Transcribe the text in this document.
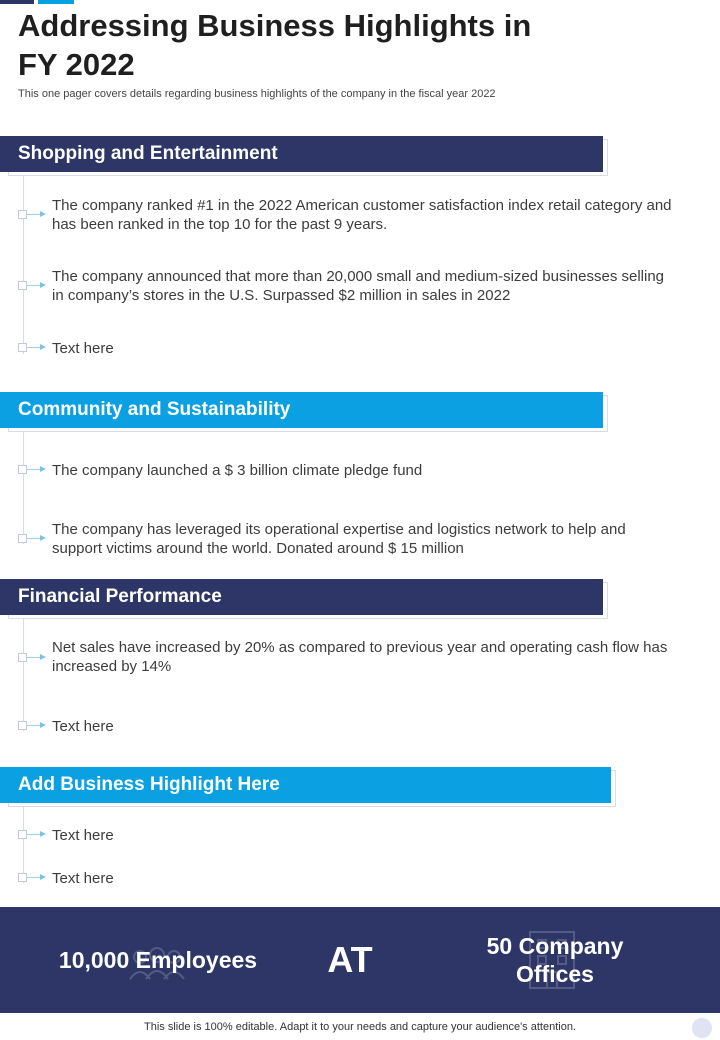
Addressing Business Highlights in FY 2022
This one pager covers details regarding business highlights of the company in the fiscal year 2022
Shopping and Entertainment
The company ranked #1 in the 2022 American customer satisfaction index retail category and has been ranked in the top 10 for the past 9 years.
The company announced that more than 20,000 small and medium-sized businesses selling in company’s stores in the U.S. Surpassed $2 million in sales in 2022
Text here
Community and Sustainability
The company launched a $ 3 billion climate pledge fund
The company has leveraged its operational expertise and logistics network to help and support victims around the world. Donated around $ 15 million
Financial Performance
Net sales have increased by 20% as compared to previous year and operating cash flow has increased by 14%
Text here
Add Business Highlight Here
Text here
Text here
10,000 Employees	AT	50 Company Offices
This slide is 100% editable. Adapt it to your needs and capture your audience's attention.
